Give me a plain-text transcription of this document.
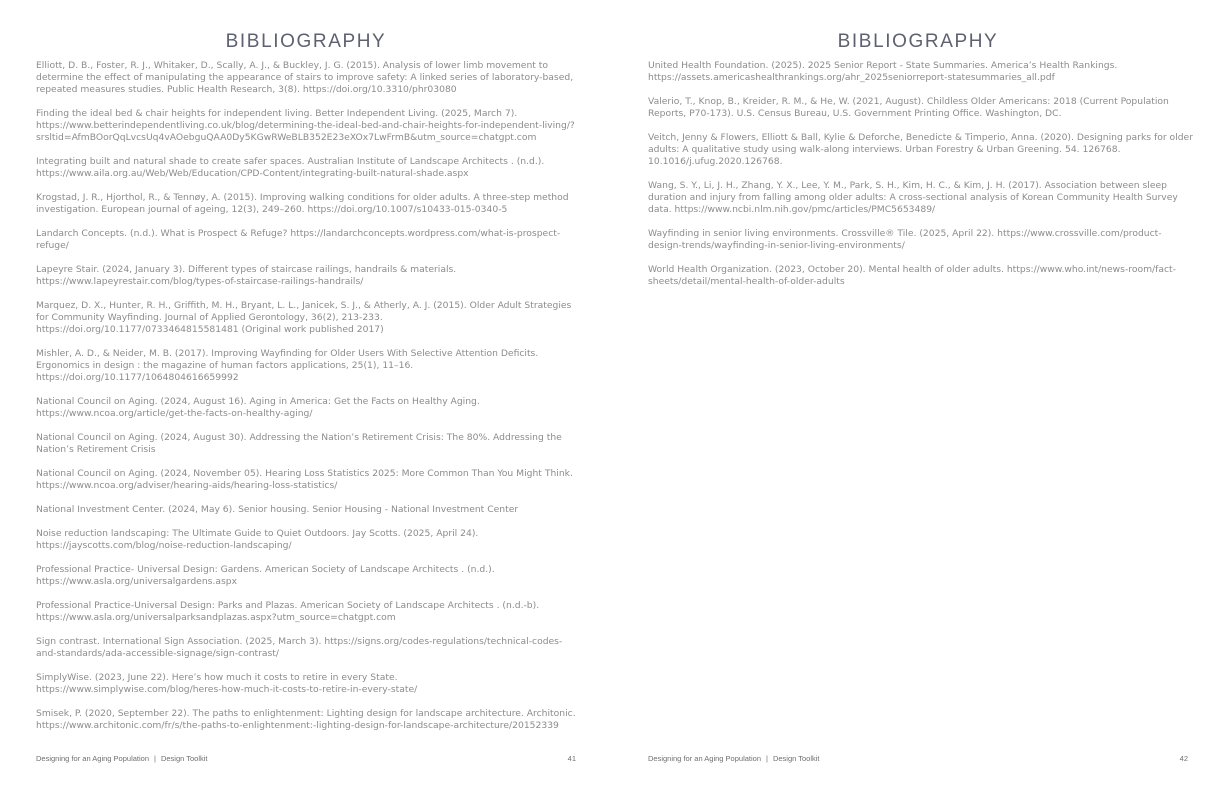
BIBLIOGRAPHY
Elliott, D. B., Foster, R. J., Whitaker, D., Scally, A. J., & Buckley, J. G. (2015). Analysis of lower limb movement to determine the effect of manipulating the appearance of stairs to improve safety: A linked series of laboratory-based, repeated measures studies. Public Health Research, 3(8). https://doi.org/10.3310/phr03080
Finding the ideal bed & chair heights for independent living. Better Independent Living. (2025, March 7). https://www.betterindependentliving.co.uk/blog/determining-the-ideal-bed-and-chair-heights-for-independent-living/?srsltid=AfmBOorQqLvcsUq4vAOebguQAA0Dy5KGwRWeBLB352E23eXOx7LwFrmB&utm_source=chatgpt.com
Integrating built and natural shade to create safer spaces. Australian Institute of Landscape Architects . (n.d.). https://www.aila.org.au/Web/Web/Education/CPD-Content/integrating-built-natural-shade.aspx
Krogstad, J. R., Hjorthol, R., & Tennøy, A. (2015). Improving walking conditions for older adults. A three-step method investigation. European journal of ageing, 12(3), 249–260. https://doi.org/10.1007/s10433-015-0340-5
Landarch Concepts. (n.d.). What is Prospect & Refuge? https://landarchconcepts.wordpress.com/what-is-prospect-refuge/
Lapeyre Stair. (2024, January 3). Different types of staircase railings, handrails & materials. https://www.lapeyrestair.com/blog/types-of-staircase-railings-handrails/
Marquez, D. X., Hunter, R. H., Griffith, M. H., Bryant, L. L., Janicek, S. J., & Atherly, A. J. (2015). Older Adult Strategies for Community Wayfinding. Journal of Applied Gerontology, 36(2), 213-233. https://doi.org/10.1177/0733464815581481 (Original work published 2017)
Mishler, A. D., & Neider, M. B. (2017). Improving Wayfinding for Older Users With Selective Attention Deficits. Ergonomics in design : the magazine of human factors applications, 25(1), 11–16. https://doi.org/10.1177/1064804616659992
National Council on Aging. (2024, August 16). Aging in America: Get the Facts on Healthy Aging. https://www.ncoa.org/article/get-the-facts-on-healthy-aging/
National Council on Aging. (2024, August 30). Addressing the Nation’s Retirement Crisis: The 80%. Addressing the Nation’s Retirement Crisis
National Council on Aging. (2024, November 05). Hearing Loss Statistics 2025: More Common Than You Might Think. https://www.ncoa.org/adviser/hearing-aids/hearing-loss-statistics/
National Investment Center. (2024, May 6). Senior housing. Senior Housing - National Investment Center
Noise reduction landscaping: The Ultimate Guide to Quiet Outdoors. Jay Scotts. (2025, April 24). https://jayscotts.com/blog/noise-reduction-landscaping/
Professional Practice- Universal Design: Gardens. American Society of Landscape Architects . (n.d.). https://www.asla.org/universalgardens.aspx
Professional Practice-Universal Design: Parks and Plazas. American Society of Landscape Architects . (n.d.-b). https://www.asla.org/universalparksandplazas.aspx?utm_source=chatgpt.com
Sign contrast. International Sign Association. (2025, March 3). https://signs.org/codes-regulations/technical-codes-and-standards/ada-accessible-signage/sign-contrast/
SimplyWise. (2023, June 22). Here’s how much it costs to retire in every State. https://www.simplywise.com/blog/heres-how-much-it-costs-to-retire-in-every-state/
Smisek, P. (2020, September 22). The paths to enlightenment: Lighting design for landscape architecture. Architonic. https://www.architonic.com/fr/s/the-paths-to-enlightenment:-lighting-design-for-landscape-architecture/20152339
Designing for an Aging Population | Design Toolkit	41
BIBLIOGRAPHY
United Health Foundation. (2025). 2025 Senior Report - State Summaries. America’s Health Rankings. https://assets.americashealthrankings.org/ahr_2025seniorreport-statesummaries_all.pdf
Valerio, T., Knop, B., Kreider, R. M., & He, W. (2021, August). Childless Older Americans: 2018 (Current Population Reports, P70-173). U.S. Census Bureau, U.S. Government Printing Office. Washington, DC.
Veitch, Jenny & Flowers, Elliott & Ball, Kylie & Deforche, Benedicte & Timperio, Anna. (2020). Designing parks for older adults: A qualitative study using walk-along interviews. Urban Forestry & Urban Greening. 54. 126768. 10.1016/j.ufug.2020.126768.
Wang, S. Y., Li, J. H., Zhang, Y. X., Lee, Y. M., Park, S. H., Kim, H. C., & Kim, J. H. (2017). Association between sleep duration and injury from falling among older adults: A cross-sectional analysis of Korean Community Health Survey data. https://www.ncbi.nlm.nih.gov/pmc/articles/PMC5653489/
Wayfinding in senior living environments. Crossville® Tile. (2025, April 22). https://www.crossville.com/product-design-trends/wayfinding-in-senior-living-environments/
World Health Organization. (2023, October 20). Mental health of older adults. https://www.who.int/news-room/fact-sheets/detail/mental-health-of-older-adults
Designing for an Aging Population | Design Toolkit	42
